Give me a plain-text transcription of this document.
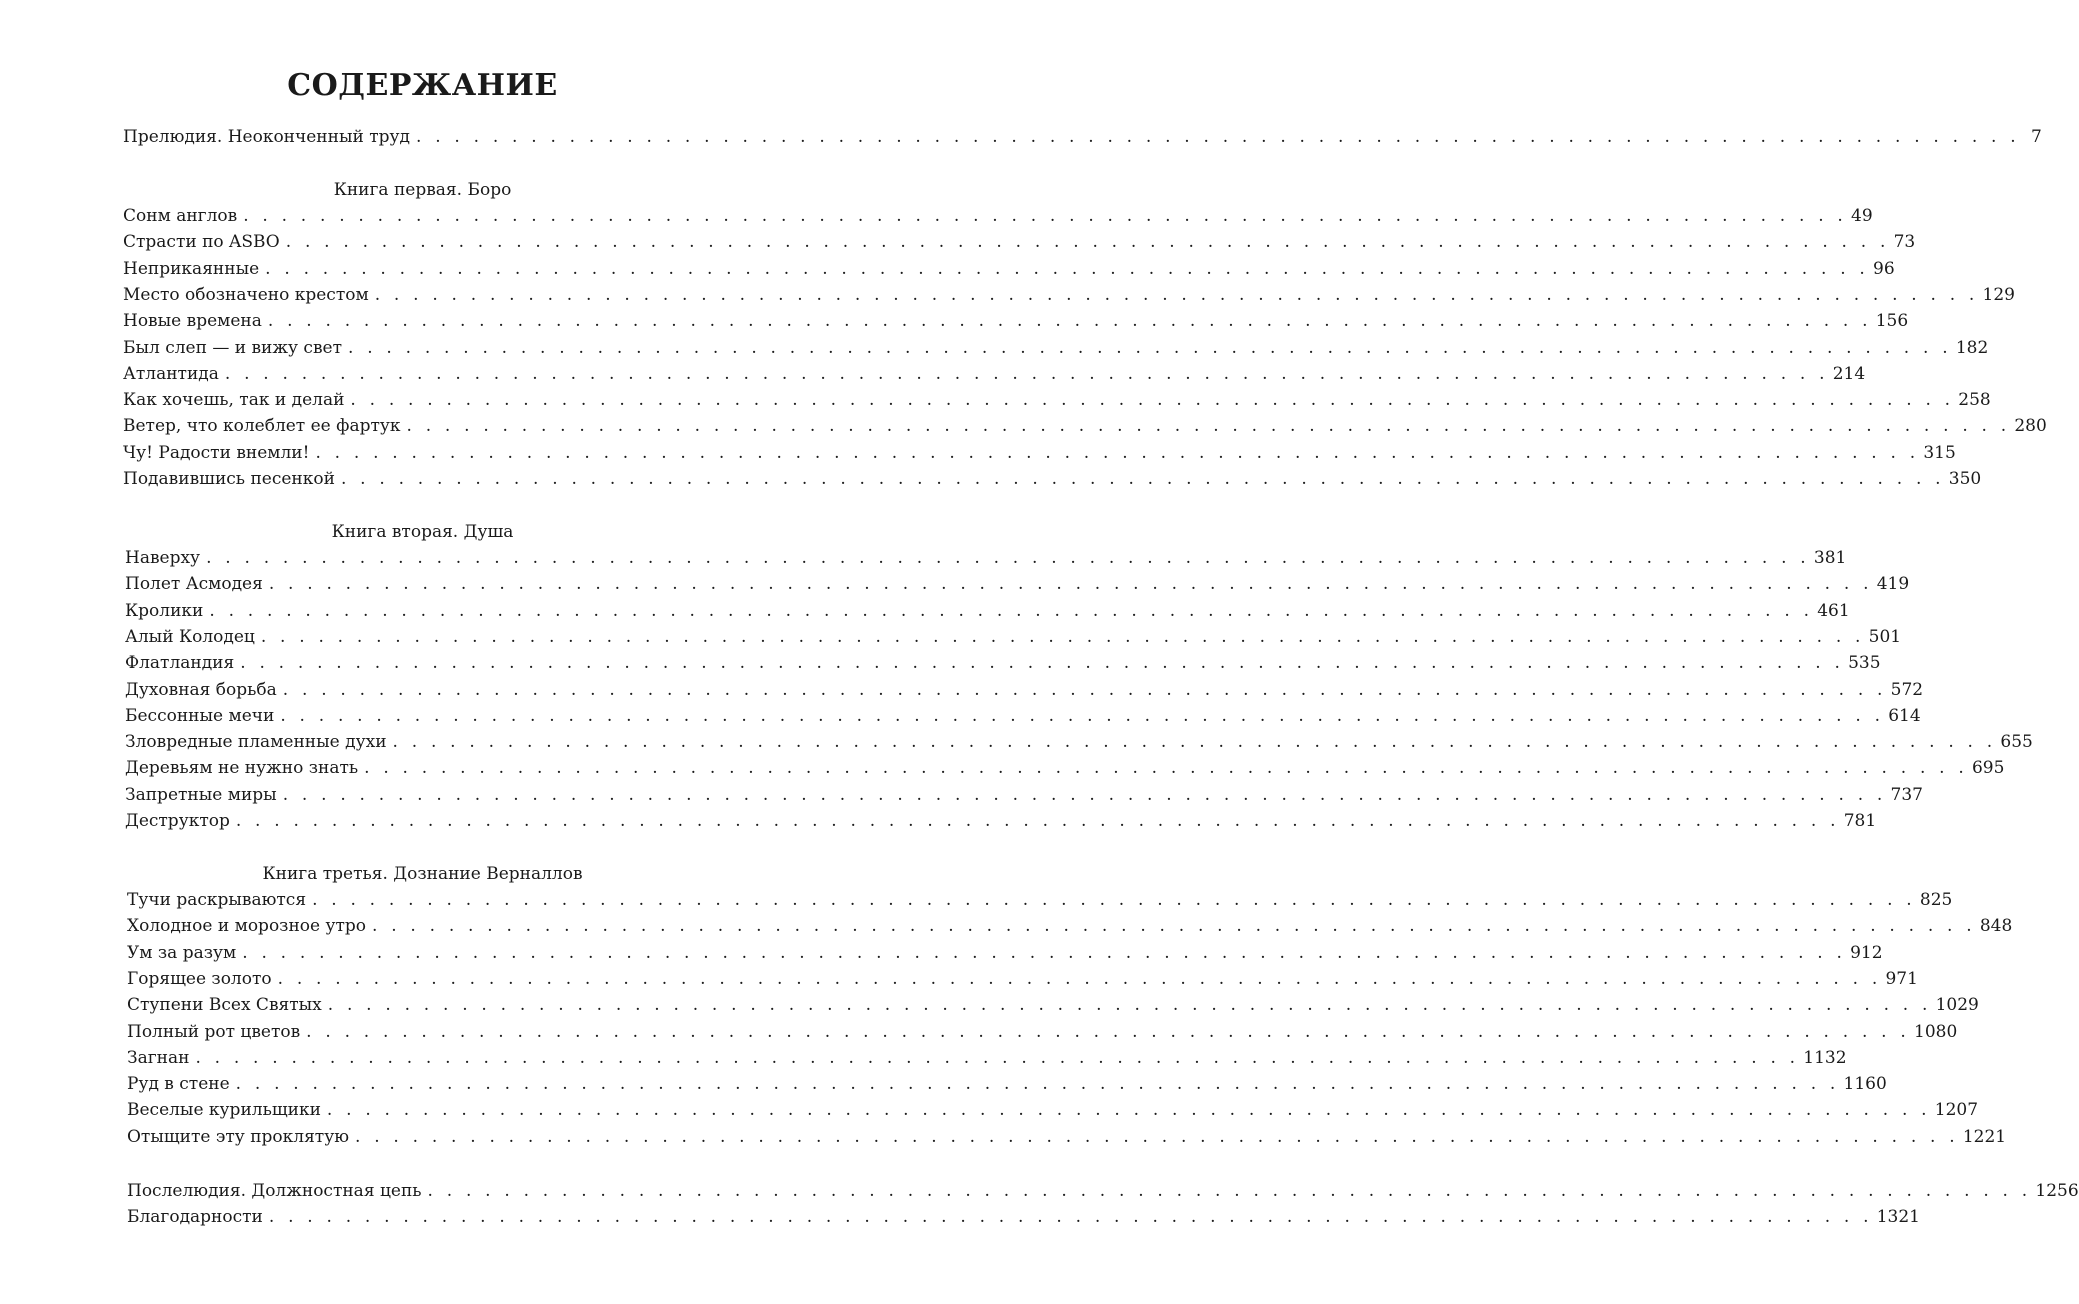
СОДЕРЖАНИЕ
Прелюдия. Неоконченный труд . . . . . . . . . . . . . . . . . . . . . . . . . . . . . . . . . . . . . . . . . . . . . . . . . . . . . . . . . . . . . . . . . . . . . . . . . . . . . . . . . . . . 7
Книга первая. Боро
Сонм англов . . . . . . . . . . . . . . . . . . . . . . . . . . . . . . . . . . . . . . . . . . . . . . . . . . . . . . . . . . . . . . . . . . . . . . . . . . . . . . . . . . . . 49
Страсти по ASBO . . . . . . . . . . . . . . . . . . . . . . . . . . . . . . . . . . . . . . . . . . . . . . . . . . . . . . . . . . . . . . . . . . . . . . . . . . . . . . . . . . . . 73
Неприкаянные . . . . . . . . . . . . . . . . . . . . . . . . . . . . . . . . . . . . . . . . . . . . . . . . . . . . . . . . . . . . . . . . . . . . . . . . . . . . . . . . . . . . 96
Место обозначено крестом . . . . . . . . . . . . . . . . . . . . . . . . . . . . . . . . . . . . . . . . . . . . . . . . . . . . . . . . . . . . . . . . . . . . . . . . . . . . . . . . . . . . 129
Новые времена . . . . . . . . . . . . . . . . . . . . . . . . . . . . . . . . . . . . . . . . . . . . . . . . . . . . . . . . . . . . . . . . . . . . . . . . . . . . . . . . . . . . 156
Был слеп — и вижу свет . . . . . . . . . . . . . . . . . . . . . . . . . . . . . . . . . . . . . . . . . . . . . . . . . . . . . . . . . . . . . . . . . . . . . . . . . . . . . . . . . . . . 182
Атлантида . . . . . . . . . . . . . . . . . . . . . . . . . . . . . . . . . . . . . . . . . . . . . . . . . . . . . . . . . . . . . . . . . . . . . . . . . . . . . . . . . . . . 214
Как хочешь, так и делай . . . . . . . . . . . . . . . . . . . . . . . . . . . . . . . . . . . . . . . . . . . . . . . . . . . . . . . . . . . . . . . . . . . . . . . . . . . . . . . . . . . . 258
Ветер, что колеблет ее фартук . . . . . . . . . . . . . . . . . . . . . . . . . . . . . . . . . . . . . . . . . . . . . . . . . . . . . . . . . . . . . . . . . . . . . . . . . . . . . . . . . . . . 280
Чу! Радости внемли! . . . . . . . . . . . . . . . . . . . . . . . . . . . . . . . . . . . . . . . . . . . . . . . . . . . . . . . . . . . . . . . . . . . . . . . . . . . . . . . . . . . . 315
Подавившись песенкой . . . . . . . . . . . . . . . . . . . . . . . . . . . . . . . . . . . . . . . . . . . . . . . . . . . . . . . . . . . . . . . . . . . . . . . . . . . . . . . . . . . . 350
Книга вторая. Душа
Наверху . . . . . . . . . . . . . . . . . . . . . . . . . . . . . . . . . . . . . . . . . . . . . . . . . . . . . . . . . . . . . . . . . . . . . . . . . . . . . . . . . . . . 381
Полет Асмодея . . . . . . . . . . . . . . . . . . . . . . . . . . . . . . . . . . . . . . . . . . . . . . . . . . . . . . . . . . . . . . . . . . . . . . . . . . . . . . . . . . . . 419
Кролики . . . . . . . . . . . . . . . . . . . . . . . . . . . . . . . . . . . . . . . . . . . . . . . . . . . . . . . . . . . . . . . . . . . . . . . . . . . . . . . . . . . . 461
Алый Колодец . . . . . . . . . . . . . . . . . . . . . . . . . . . . . . . . . . . . . . . . . . . . . . . . . . . . . . . . . . . . . . . . . . . . . . . . . . . . . . . . . . . . 501
Флатландия . . . . . . . . . . . . . . . . . . . . . . . . . . . . . . . . . . . . . . . . . . . . . . . . . . . . . . . . . . . . . . . . . . . . . . . . . . . . . . . . . . . . 535
Духовная борьба . . . . . . . . . . . . . . . . . . . . . . . . . . . . . . . . . . . . . . . . . . . . . . . . . . . . . . . . . . . . . . . . . . . . . . . . . . . . . . . . . . . . 572
Бессонные мечи . . . . . . . . . . . . . . . . . . . . . . . . . . . . . . . . . . . . . . . . . . . . . . . . . . . . . . . . . . . . . . . . . . . . . . . . . . . . . . . . . . . . 614
Зловредные пламенные духи . . . . . . . . . . . . . . . . . . . . . . . . . . . . . . . . . . . . . . . . . . . . . . . . . . . . . . . . . . . . . . . . . . . . . . . . . . . . . . . . . . . . 655
Деревьям не нужно знать . . . . . . . . . . . . . . . . . . . . . . . . . . . . . . . . . . . . . . . . . . . . . . . . . . . . . . . . . . . . . . . . . . . . . . . . . . . . . . . . . . . . 695
Запретные миры . . . . . . . . . . . . . . . . . . . . . . . . . . . . . . . . . . . . . . . . . . . . . . . . . . . . . . . . . . . . . . . . . . . . . . . . . . . . . . . . . . . . 737
Деструктор . . . . . . . . . . . . . . . . . . . . . . . . . . . . . . . . . . . . . . . . . . . . . . . . . . . . . . . . . . . . . . . . . . . . . . . . . . . . . . . . . . . . 781
Книга третья. Дознание Верналлов
Тучи раскрываются . . . . . . . . . . . . . . . . . . . . . . . . . . . . . . . . . . . . . . . . . . . . . . . . . . . . . . . . . . . . . . . . . . . . . . . . . . . . . . . . . . . . 825
Холодное и морозное утро . . . . . . . . . . . . . . . . . . . . . . . . . . . . . . . . . . . . . . . . . . . . . . . . . . . . . . . . . . . . . . . . . . . . . . . . . . . . . . . . . . . . 848
Ум за разум . . . . . . . . . . . . . . . . . . . . . . . . . . . . . . . . . . . . . . . . . . . . . . . . . . . . . . . . . . . . . . . . . . . . . . . . . . . . . . . . . . . . 912
Горящее золото . . . . . . . . . . . . . . . . . . . . . . . . . . . . . . . . . . . . . . . . . . . . . . . . . . . . . . . . . . . . . . . . . . . . . . . . . . . . . . . . . . . . 971
Ступени Всех Святых . . . . . . . . . . . . . . . . . . . . . . . . . . . . . . . . . . . . . . . . . . . . . . . . . . . . . . . . . . . . . . . . . . . . . . . . . . . . . . . . . . . . 1029
Полный рот цветов . . . . . . . . . . . . . . . . . . . . . . . . . . . . . . . . . . . . . . . . . . . . . . . . . . . . . . . . . . . . . . . . . . . . . . . . . . . . . . . . . . . . 1080
Загнан . . . . . . . . . . . . . . . . . . . . . . . . . . . . . . . . . . . . . . . . . . . . . . . . . . . . . . . . . . . . . . . . . . . . . . . . . . . . . . . . . . . . 1132
Руд в стене . . . . . . . . . . . . . . . . . . . . . . . . . . . . . . . . . . . . . . . . . . . . . . . . . . . . . . . . . . . . . . . . . . . . . . . . . . . . . . . . . . . . 1160
Веселые курильщики . . . . . . . . . . . . . . . . . . . . . . . . . . . . . . . . . . . . . . . . . . . . . . . . . . . . . . . . . . . . . . . . . . . . . . . . . . . . . . . . . . . . 1207
Отыщите эту проклятую . . . . . . . . . . . . . . . . . . . . . . . . . . . . . . . . . . . . . . . . . . . . . . . . . . . . . . . . . . . . . . . . . . . . . . . . . . . . . . . . . . . . 1221
Послелюдия. Должностная цепь . . . . . . . . . . . . . . . . . . . . . . . . . . . . . . . . . . . . . . . . . . . . . . . . . . . . . . . . . . . . . . . . . . . . . . . . . . . . . . . . . . . . 1256
Благодарности . . . . . . . . . . . . . . . . . . . . . . . . . . . . . . . . . . . . . . . . . . . . . . . . . . . . . . . . . . . . . . . . . . . . . . . . . . . . . . . . . . . . 1321
